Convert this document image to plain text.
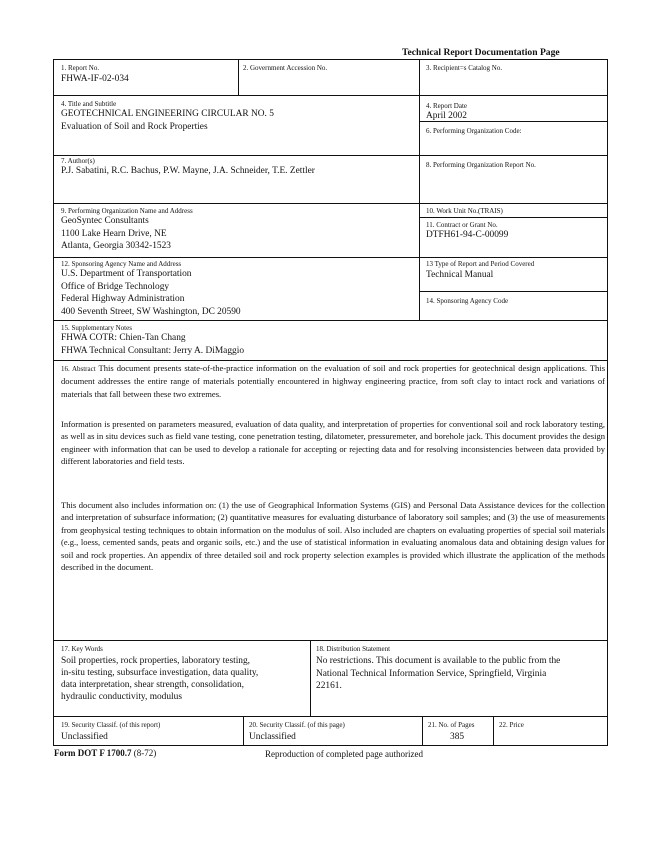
Technical Report Documentation Page
1. Report No.
FHWA-IF-02-034
2. Government Accession No.	3. Recipient=s Catalog No.
4. Title and Subtitle
GEOTECHNICAL ENGINEERING CIRCULAR NO. 5
Evaluation of Soil and Rock Properties
4. Report Date
April 2002
6. Performing Organization Code:
7. Author(s)
P.J. Sabatini, R.C. Bachus, P.W. Mayne, J.A. Schneider, T.E. Zettler
8. Performing Organization Report No.
9. Performing Organization Name and Address
GeoSyntec Consultants
1100 Lake Hearn Drive, NE
Atlanta, Georgia 30342-1523
10. Work Unit No.(TRAIS)
11. Contract or Grant No.
DTFH61-94-C-00099
12. Sponsoring Agency Name and Address
U.S. Department of Transportation
Office of Bridge Technology
Federal Highway Administration
400 Seventh Street, SW Washington, DC 20590
13 Type of Report and Period Covered
Technical Manual
14. Sponsoring Agency Code
15. Supplementary Notes
FHWA COTR: Chien-Tan Chang
FHWA Technical Consultant: Jerry A. DiMaggio

16. Abstract This document presents state-of-the-practice information on the evaluation of soil and rock properties for geotechnical design applications. This document addresses the entire range of materials potentially encountered in highway engineering practice, from soft clay to intact rock and variations of materials that fall between these two extremes.

Information is presented on parameters measured, evaluation of data quality, and interpretation of properties for conventional soil and rock laboratory testing, as well as in situ devices such as field vane testing, cone penetration testing, dilatometer, pressuremeter, and borehole jack. This document provides the design engineer with information that can be used to develop a rationale for accepting or rejecting data and for resolving inconsistencies between data provided by different laboratories and field tests.

This document also includes information on: (1) the use of Geographical Information Systems (GIS) and Personal Data Assistance devices for the collection and interpretation of subsurface information; (2) quantitative measures for evaluating disturbance of laboratory soil samples; and (3) the use of measurements from geophysical testing techniques to obtain information on the modulus of soil. Also included are chapters on evaluating properties of special soil materials (e.g., loess, cemented sands, peats and organic soils, etc.) and the use of statistical information in evaluating anomalous data and obtaining design values for soil and rock properties. An appendix of three detailed soil and rock property selection examples is provided which illustrate the application of the methods described in the document.

17. Key Words
Soil properties, rock properties, laboratory testing,
in-situ testing, subsurface investigation, data quality,
data interpretation, shear strength, consolidation,
hydraulic conductivity, modulus
18. Distribution Statement
No restrictions. This document is available to the public from the
National Technical Information Service, Springfield, Virginia
22161.
19. Security Classif. (of this report)
Unclassified
20. Security Classif. (of this page)
Unclassified
21. No. of Pages
385
22. Price
Form DOT F 1700.7 (8-72)	Reproduction of completed page authorized
